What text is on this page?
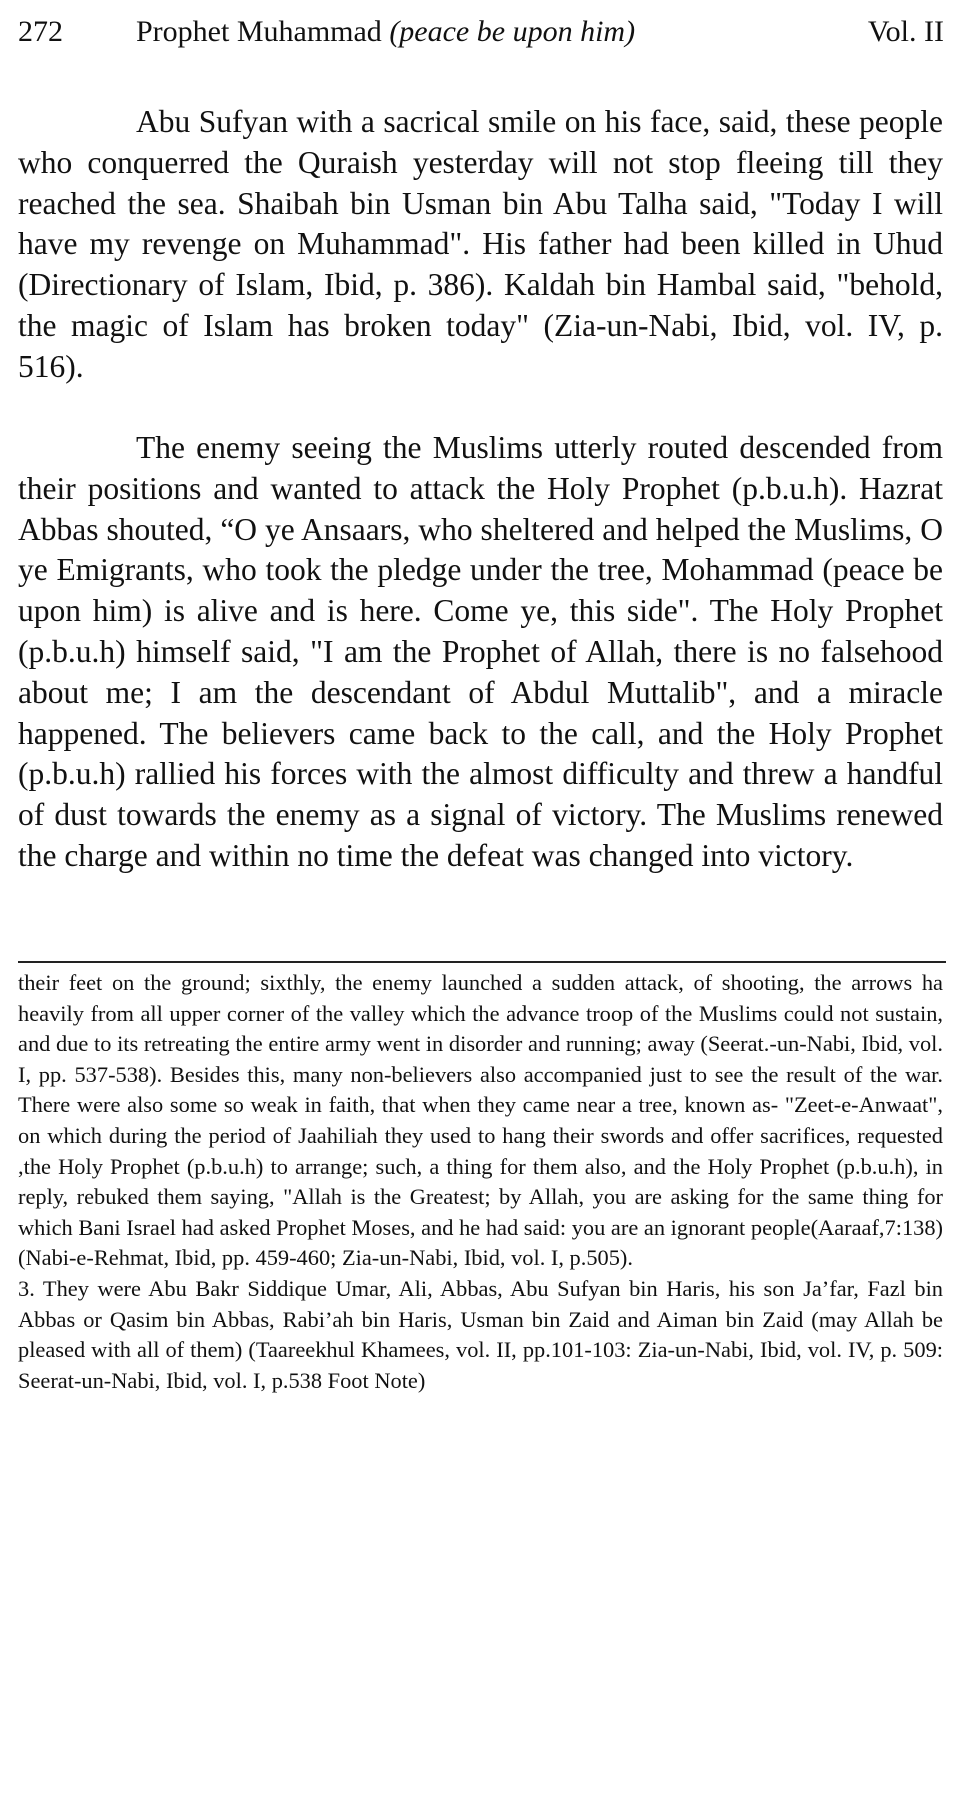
272 Prophet Muhammad (peace be upon him)	Vol. II

Abu Sufyan with a sacrical smile on his face, said, these people who conquerred the Quraish yesterday will not stop fleeing till they reached the sea. Shaibah bin Usman bin Abu Talha said, "Today I will have my revenge on Muhammad". His father had been killed in Uhud (Directionary of Islam, Ibid, p. 386). Kaldah bin Hambal said, "behold, the magic of Islam has broken today" (Zia-un-Nabi, Ibid, vol. IV, p. 516).

The enemy seeing the Muslims utterly routed descended from their positions and wanted to attack the Holy Prophet (p.b.u.h). Hazrat Abbas shouted, “O ye Ansaars, who sheltered and helped the Muslims, O ye Emigrants, who took the pledge under the tree, Mohammad (peace be upon him) is alive and is here. Come ye, this side". The Holy Prophet (p.b.u.h) himself said, "I am the Prophet of Allah, there is no falsehood about me; I am the descendant of Abdul Muttalib", and a miracle happened. The believers came back to the call, and the Holy Prophet (p.b.u.h) rallied his forces with the almost difficulty and threw a handful of dust towards the enemy as a signal of victory. The Muslims renewed the charge and within no time the defeat was changed into victory.

their feet on the ground; sixthly, the enemy launched a sudden attack, of shooting, the arrows ha heavily from all upper corner of the valley which the advance troop of the Muslims could not sustain, and due to its retreating the entire army went in disorder and running; away (Seerat.-un-Nabi, Ibid, vol. I, pp. 537-538). Besides this, many non-believers also accompanied just to see the result of the war. There were also some so weak in faith, that when they came near a tree, known as- "Zeet-e-Anwaat", on which during the period of Jaahiliah they used to hang their swords and offer sacrifices, requested ,the Holy Prophet (p.b.u.h) to arrange; such, a thing for them also, and the Holy Prophet (p.b.u.h), in reply, rebuked them saying, "Allah is the Greatest; by Allah, you are asking for the same thing for which Bani Israel had asked Prophet Moses, and he had said: you are an ignorant people(Aaraaf,7:138) (Nabi-e-Rehmat, Ibid, pp. 459-460; Zia-un-Nabi, Ibid, vol. I, p.505).

3. They were Abu Bakr Siddique Umar, Ali, Abbas, Abu Sufyan bin Haris, his son Ja’far, Fazl bin Abbas or Qasim bin Abbas, Rabi’ah bin Haris, Usman bin Zaid and Aiman bin Zaid (may Allah be pleased with all of them) (Taareekhul Khamees, vol. II, pp.101-103: Zia-un-Nabi, Ibid, vol. IV, p. 509: Seerat-un-Nabi, Ibid, vol. I, p.538 Foot Note)
